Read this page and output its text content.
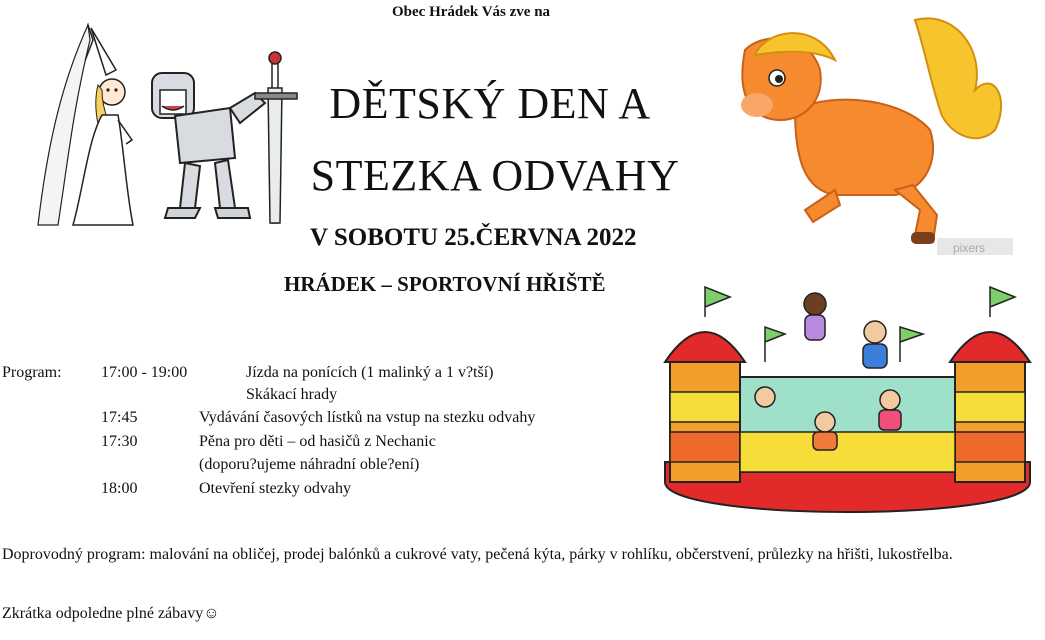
Obec Hrádek Vás zve na
DĚTSKÝ DEN A
STEZKA ODVAHY
V SOBOTU 25.ČERVNA 2022
HRÁDEK – SPORTOVNÍ HŘIŠTĚ
pixers
Program: 17:00 - 19:00	Jízda na ponících (1 malinký a 1 v?tší)
Skákací hrady
17:45	Vydávání časových lístků na vstup na stezku odvahy
17:30	Pěna pro děti – od hasičů z Nechanic
(doporu?ujeme náhradní oble?ení)
18:00	Otevření stezky odvahy
Doprovodný program: malování na obličej, prodej balónků a cukrové vaty, pečená kýta, párky v rohlíku, občerstvení, průlezky na hřišti, lukostřelba.
Zkrátka odpoledne plné zábavy☺
